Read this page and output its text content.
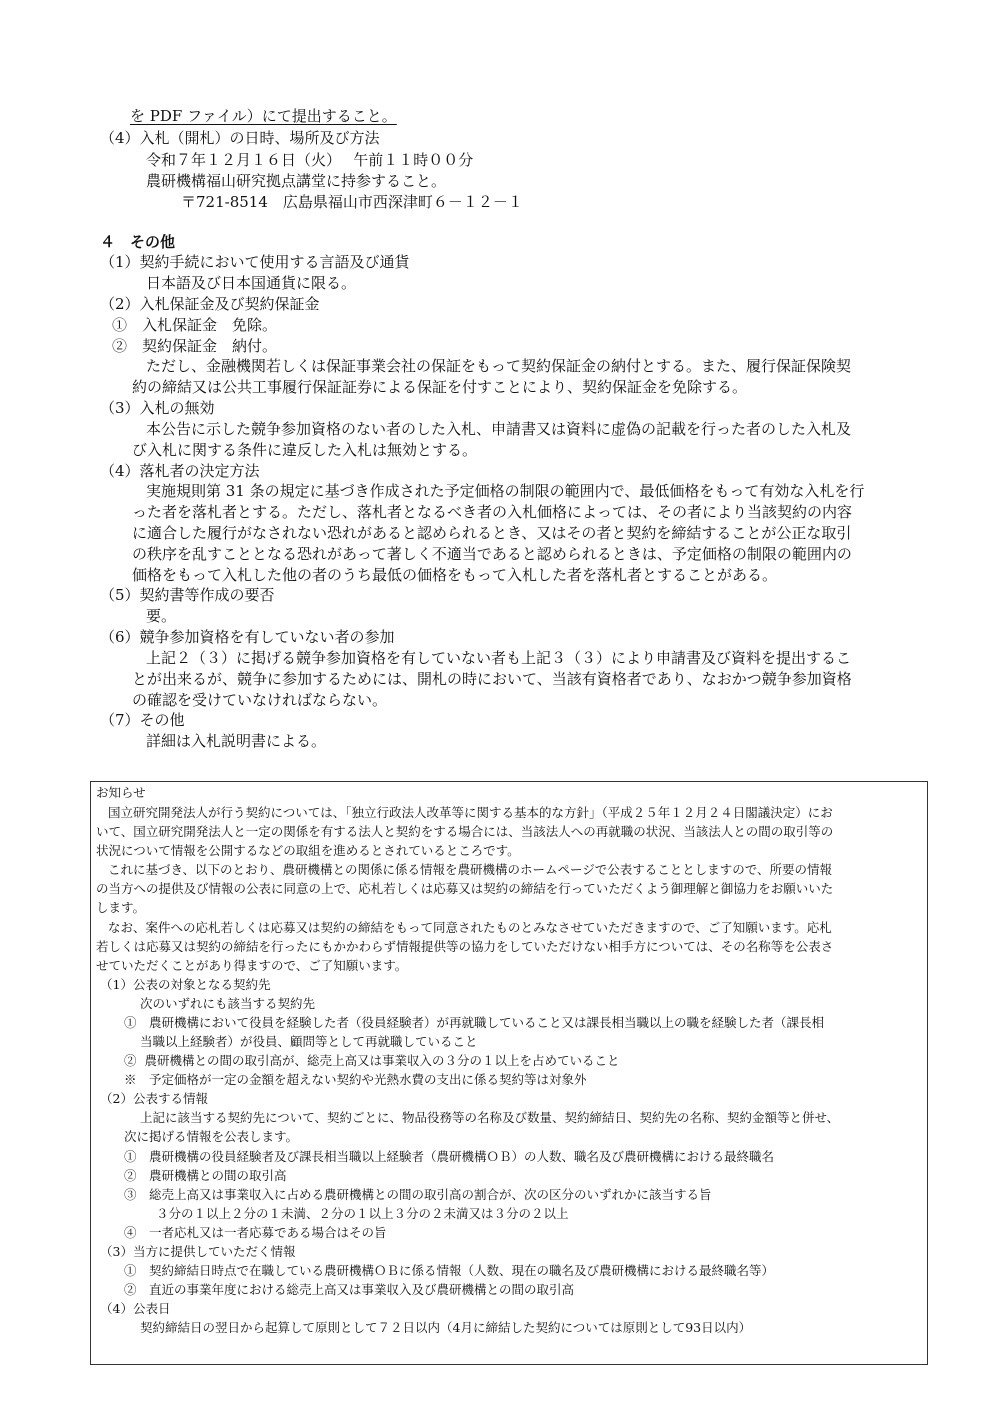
を PDF ファイル）にて提出すること。
（4）入札（開札）の日時、場所及び方法
令和７年１２月１６日（火）　 午前１１時００分
農研機構福山研究拠点講堂に持参すること。
〒721-8514　広島県福山市西深津町６－１２－１
４　その他
（1）契約手続において使用する言語及び通貨
日本語及び日本国通貨に限る。
（2）入札保証金及び契約保証金
①　入札保証金　免除。
②　契約保証金　納付。
ただし、金融機関若しくは保証事業会社の保証をもって契約保証金の納付とする。また、履行保証保険契
約の締結又は公共工事履行保証証券による保証を付すことにより、契約保証金を免除する。
（3）入札の無効
本公告に示した競争参加資格のない者のした入札、申請書又は資料に虚偽の記載を行った者のした入札及
び入札に関する条件に違反した入札は無効とする。
（4）落札者の決定方法
実施規則第 31 条の規定に基づき作成された予定価格の制限の範囲内で、最低価格をもって有効な入札を行
った者を落札者とする。ただし、落札者となるべき者の入札価格によっては、その者により当該契約の内容
に適合した履行がなされない恐れがあると認められるとき、又はその者と契約を締結することが公正な取引
の秩序を乱すこととなる恐れがあって著しく不適当であると認められるときは、予定価格の制限の範囲内の
価格をもって入札した他の者のうち最低の価格をもって入札した者を落札者とすることがある。
（5）契約書等作成の要否
要。
（6）競争参加資格を有していない者の参加
上記２（３）に掲げる競争参加資格を有していない者も上記３（３）により申請書及び資料を提出するこ
とが出来るが、競争に参加するためには、開札の時において、当該有資格者であり、なおかつ競争参加資格
の確認を受けていなければならない。
（7）その他
詳細は入札説明書による。
お知らせ
国立研究開発法人が行う契約については、「独立行政法人改革等に関する基本的な方針」（平成２５年１２月２４日閣議決定）にお
いて、国立研究開発法人と一定の関係を有する法人と契約をする場合には、当該法人への再就職の状況、当該法人との間の取引等の
状況について情報を公開するなどの取組を進めるとされているところです。
これに基づき、以下のとおり、農研機構との関係に係る情報を農研機構のホームページで公表することとしますので、所要の情報
の当方への提供及び情報の公表に同意の上で、応札若しくは応募又は契約の締結を行っていただくよう御理解と御協力をお願いいた
します。
なお、案件への応札若しくは応募又は契約の締結をもって同意されたものとみなさせていただきますので、ご了知願います。応札
若しくは応募又は契約の締結を行ったにもかかわらず情報提供等の協力をしていただけない相手方については、その名称等を公表さ
せていただくことがあり得ますので、ご了知願います。
（1）公表の対象となる契約先
次のいずれにも該当する契約先
①　農研機構において役員を経験した者（役員経験者）が再就職していること又は課長相当職以上の職を経験した者（課長相
当職以上経験者）が役員、顧問等として再就職していること
②  農研機構との間の取引高が、総売上高又は事業収入の３分の１以上を占めていること
※　予定価格が一定の金額を超えない契約や光熱水費の支出に係る契約等は対象外
（2）公表する情報
上記に該当する契約先について、契約ごとに、物品役務等の名称及び数量、契約締結日、契約先の名称、契約金額等と併せ、
次に掲げる情報を公表します。
①　農研機構の役員経験者及び課長相当職以上経験者（農研機構ＯＢ）の人数、職名及び農研機構における最終職名
②　農研機構との間の取引高
③　総売上高又は事業収入に占める農研機構との間の取引高の割合が、次の区分のいずれかに該当する旨
３分の１以上２分の１未満、２分の１以上３分の２未満又は３分の２以上
④　一者応札又は一者応募である場合はその旨
（3）当方に提供していただく情報
①　契約締結日時点で在職している農研機構ＯＢに係る情報（人数、現在の職名及び農研機構における最終職名等）
②　直近の事業年度における総売上高又は事業収入及び農研機構との間の取引高
（4）公表日
契約締結日の翌日から起算して原則として７２日以内（4月に締結した契約については原則として93日以内）
